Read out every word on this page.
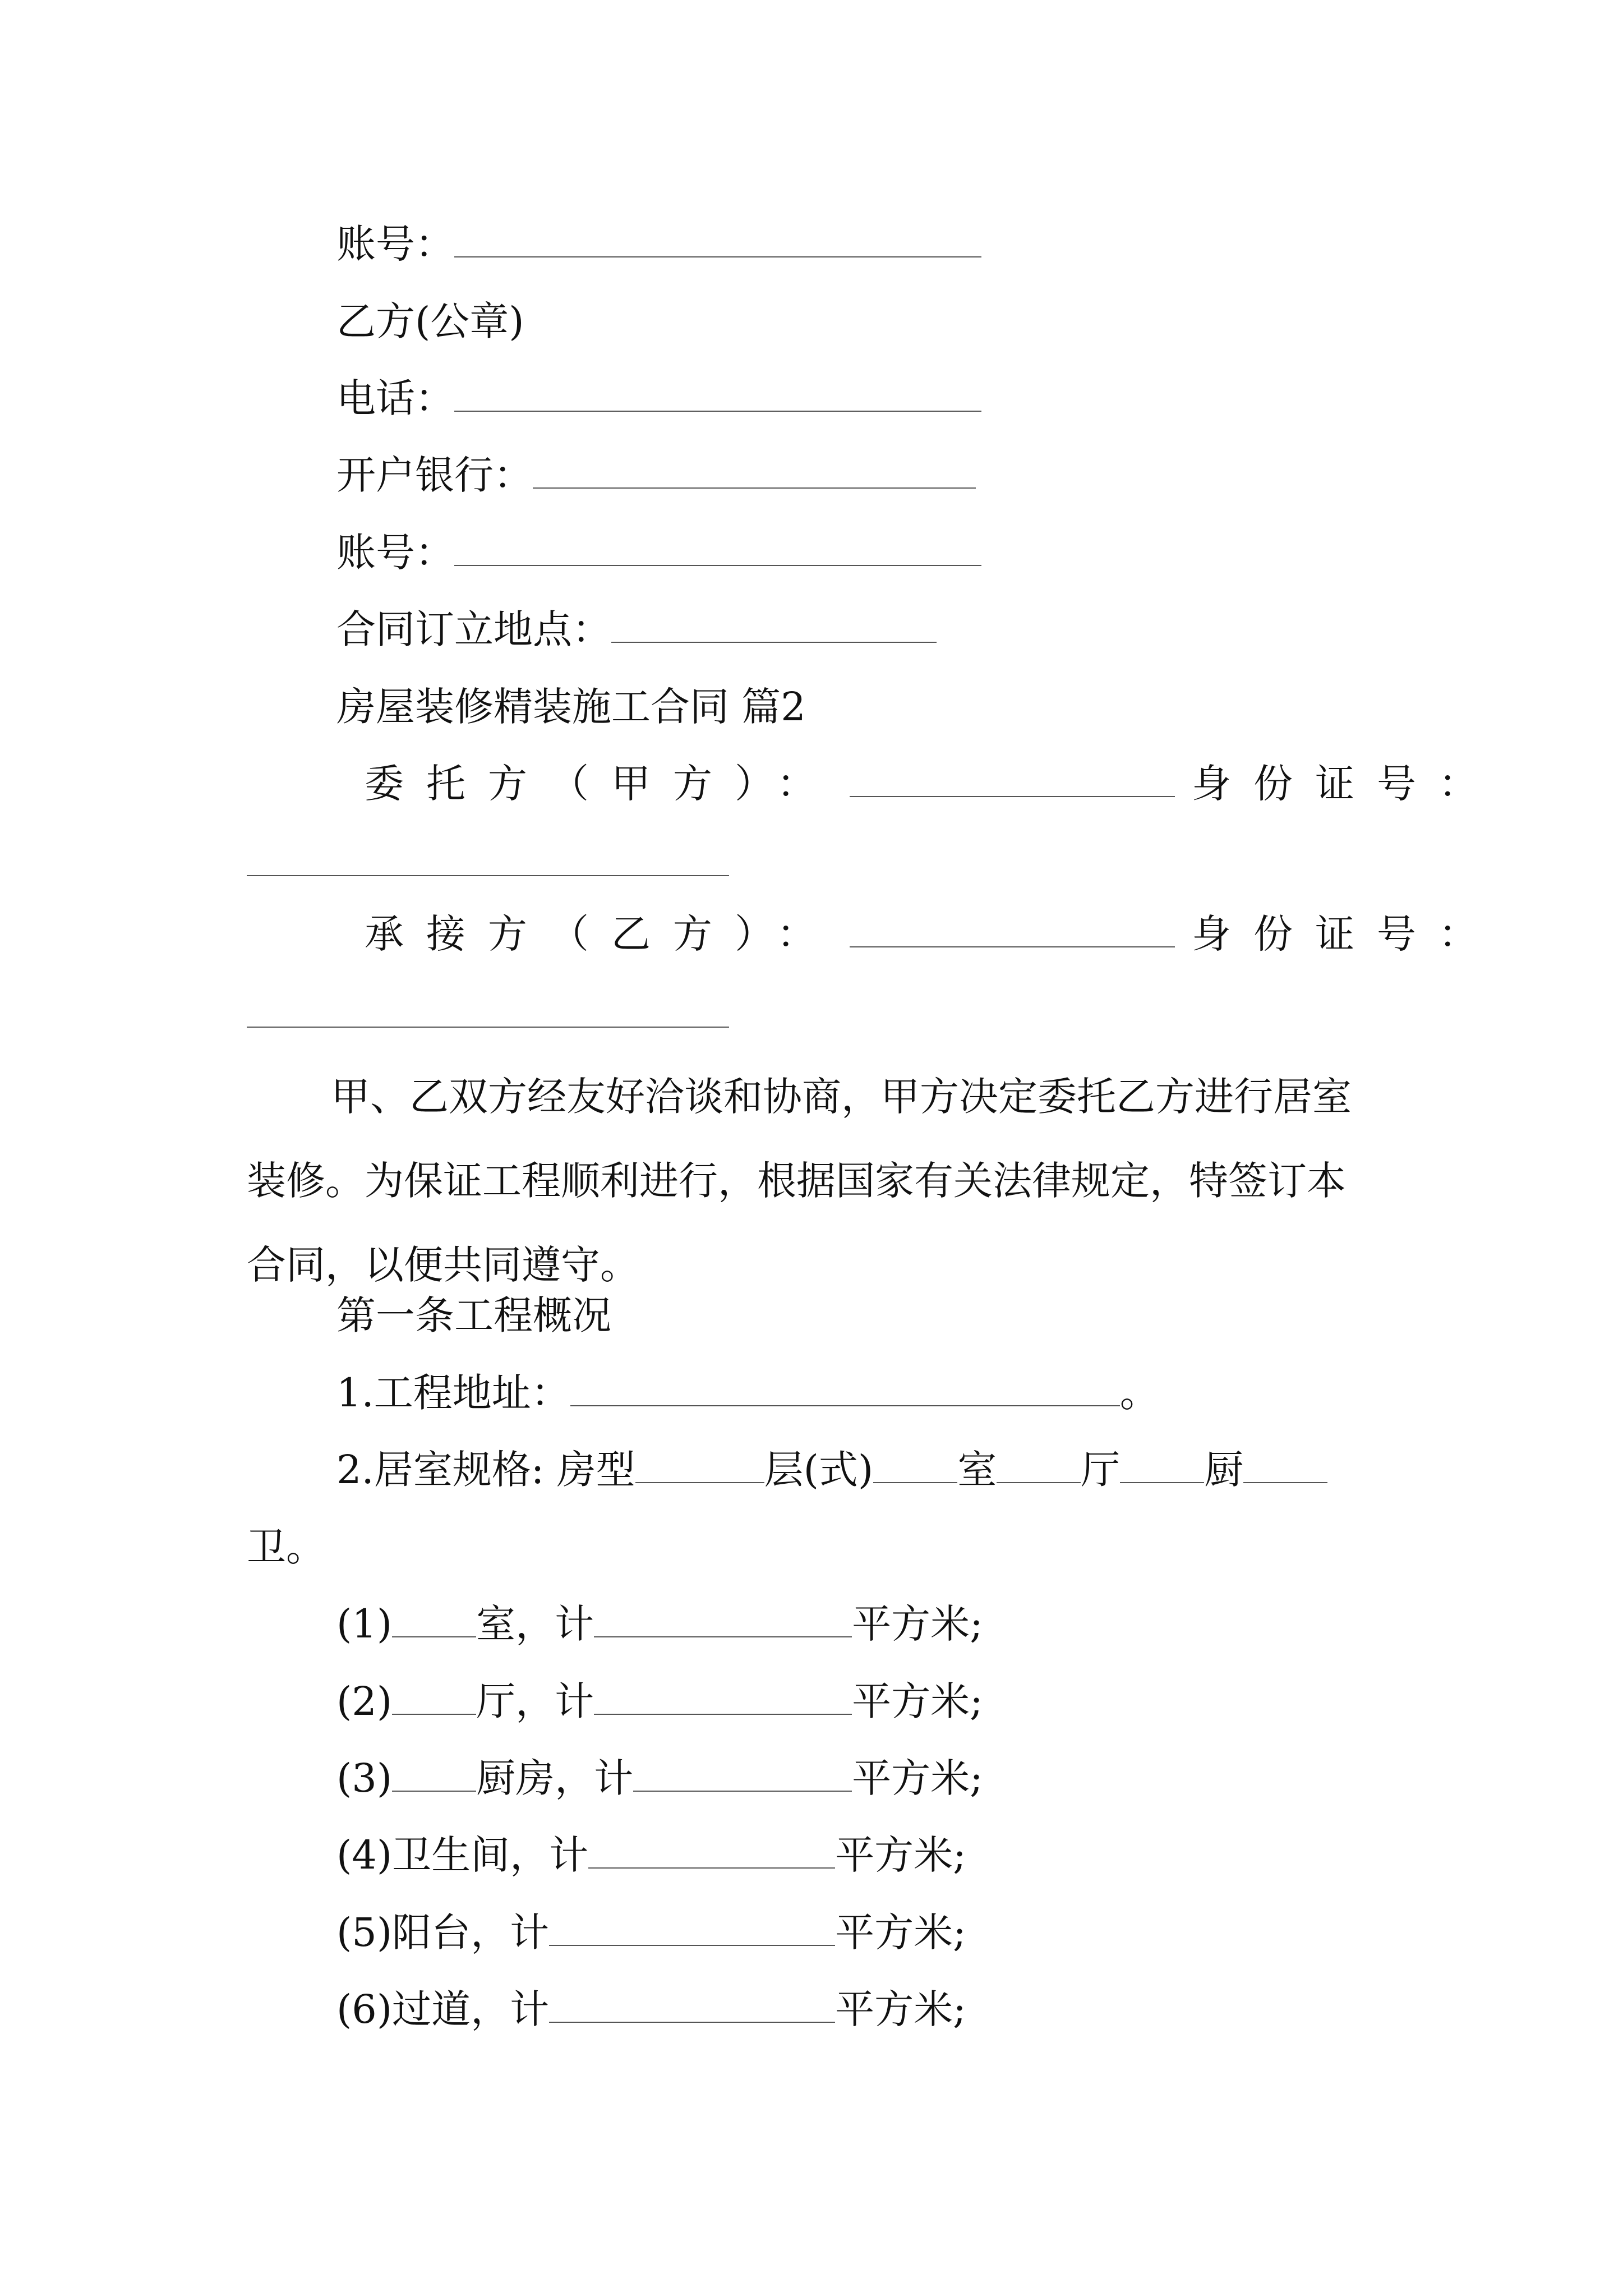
账号：
乙方(公章)
电话：
开户银行：
账号：
合同订立地点：
房屋装修精装施工合同 篇2
委托方（甲方）：	身份证号：
承接方（乙方）：	身份证号：
甲、乙双方经友好洽谈和协商，甲方决定委托乙方进行居室装修。为保证工程顺利进行，根据国家有关法律规定，特签订本合同，以便共同遵守。
第一条工程概况
1.工程地址：	。
2.居室规格: 房型	层(式) 室 厅 厨
卫。
(1) 室，计	平方米;
(2) 厅，计	平方米;
(3) 厨房，计	平方米;
(4)卫生间，计	平方米;
(5)阳台，计	平方米;
(6)过道，计	平方米;
